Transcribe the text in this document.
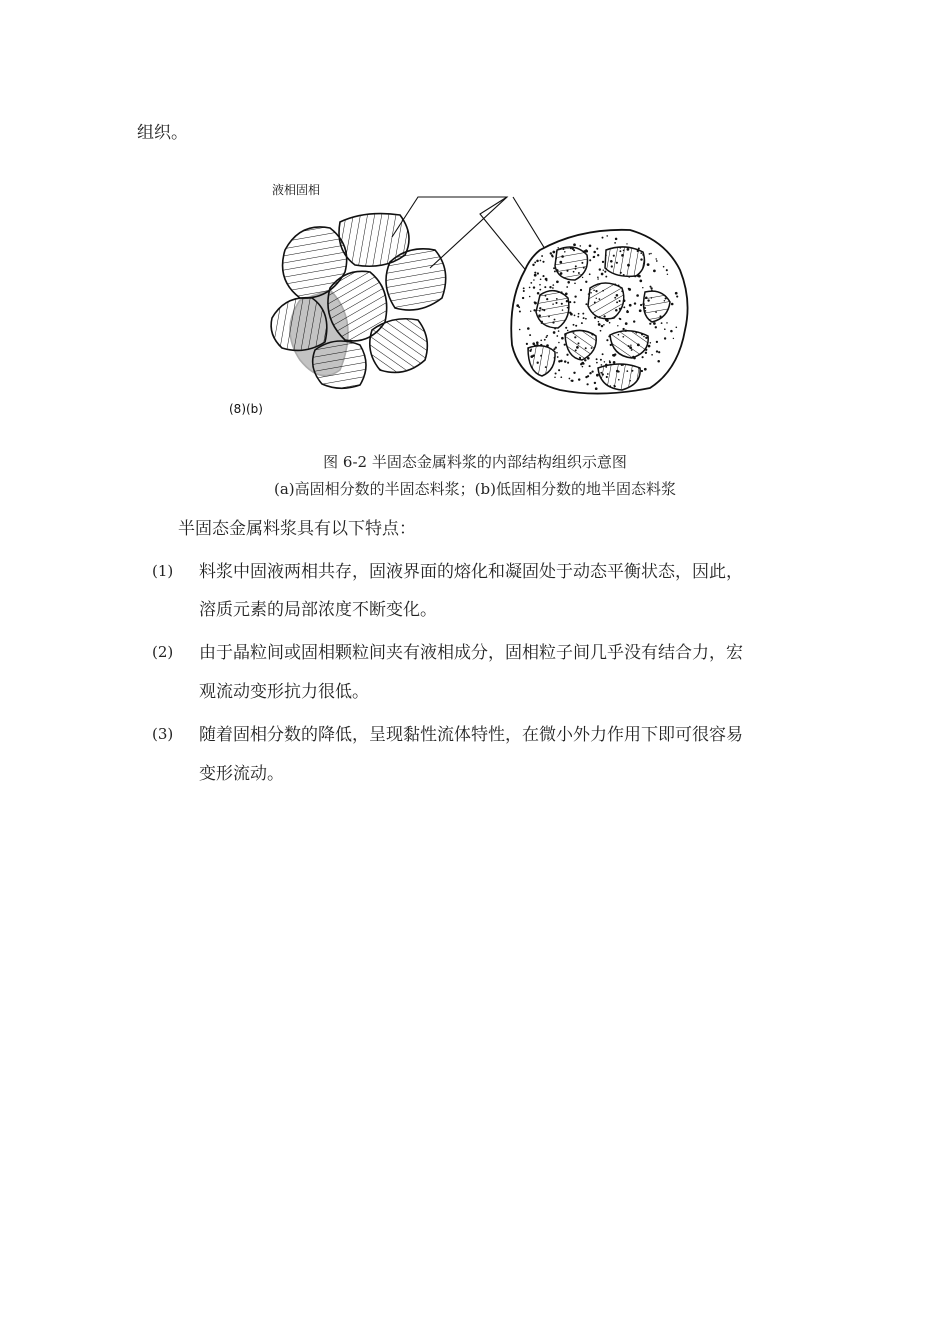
组织。
液相固相
(8)(b)
图 6-2 半固态金属料浆的内部结构组织示意图
(a)高固相分数的半固态料浆；(b)低固相分数的地半固态料浆
半固态金属料浆具有以下特点：
(1) 料浆中固液两相共存，固液界面的熔化和凝固处于动态平衡状态，因此，
溶质元素的局部浓度不断变化。
(2) 由于晶粒间或固相颗粒间夹有液相成分，固相粒子间几乎没有结合力，宏
观流动变形抗力很低。
(3) 随着固相分数的降低，呈现黏性流体特性，在微小外力作用下即可很容易
变形流动。
